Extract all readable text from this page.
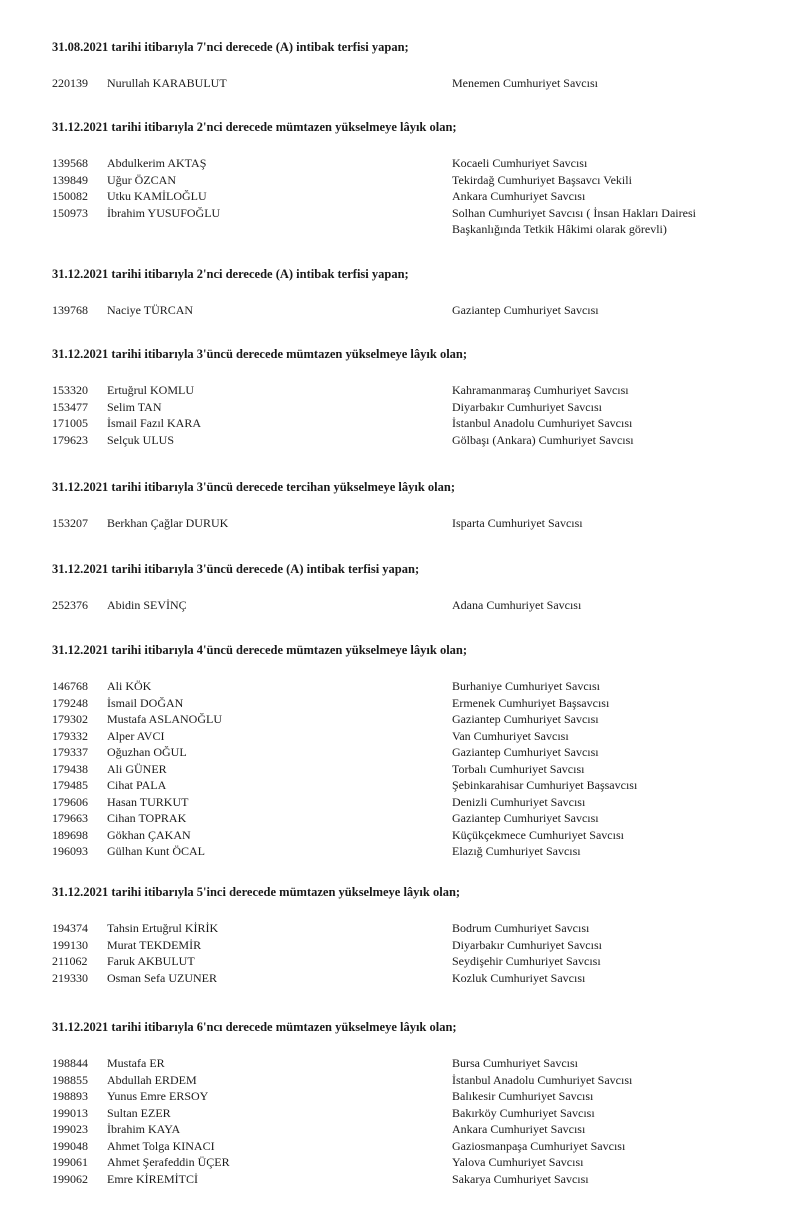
31.08.2021 tarihi itibarıyla 7'nci derecede (A) intibak terfisi yapan;
220139 Nurullah KARABULUT	Menemen Cumhuriyet Savcısı
31.12.2021 tarihi itibarıyla 2'nci derecede mümtazen yükselmeye lâyık olan;
139568 Abdulkerim AKTAŞ	Kocaeli Cumhuriyet Savcısı
139849 Uğur ÖZCAN	Tekirdağ Cumhuriyet Başsavcı Vekili
150082 Utku KAMİLOĞLU	Ankara Cumhuriyet Savcısı
150973 İbrahim YUSUFOĞLU	Solhan Cumhuriyet Savcısı ( İnsan Hakları Dairesi
Başkanlığında Tetkik Hâkimi olarak görevli)
31.12.2021 tarihi itibarıyla 2'nci derecede (A) intibak terfisi yapan;
139768 Naciye TÜRCAN	Gaziantep Cumhuriyet Savcısı
31.12.2021 tarihi itibarıyla 3'üncü derecede mümtazen yükselmeye lâyık olan;
153320 Ertuğrul KOMLU	Kahramanmaraş Cumhuriyet Savcısı
153477 Selim TAN	Diyarbakır Cumhuriyet Savcısı
171005 İsmail Fazıl KARA	İstanbul Anadolu Cumhuriyet Savcısı
179623 Selçuk ULUS	Gölbaşı (Ankara) Cumhuriyet Savcısı
31.12.2021 tarihi itibarıyla 3'üncü derecede tercihan yükselmeye lâyık olan;
153207 Berkhan Çağlar DURUK	Isparta Cumhuriyet Savcısı
31.12.2021 tarihi itibarıyla 3'üncü derecede (A) intibak terfisi yapan;
252376 Abidin SEVİNÇ	Adana Cumhuriyet Savcısı
31.12.2021 tarihi itibarıyla 4'üncü derecede mümtazen yükselmeye lâyık olan;
146768 Ali KÖK	Burhaniye Cumhuriyet Savcısı
179248 İsmail DOĞAN	Ermenek Cumhuriyet Başsavcısı
179302 Mustafa ASLANOĞLU	Gaziantep Cumhuriyet Savcısı
179332 Alper AVCI	Van Cumhuriyet Savcısı
179337 Oğuzhan OĞUL	Gaziantep Cumhuriyet Savcısı
179438 Ali GÜNER	Torbalı Cumhuriyet Savcısı
179485 Cihat PALA	Şebinkarahisar Cumhuriyet Başsavcısı
179606 Hasan TURKUT	Denizli Cumhuriyet Savcısı
179663 Cihan TOPRAK	Gaziantep Cumhuriyet Savcısı
189698 Gökhan ÇAKAN	Küçükçekmece Cumhuriyet Savcısı
196093 Gülhan Kunt ÖCAL	Elazığ Cumhuriyet Savcısı
31.12.2021 tarihi itibarıyla 5'inci derecede mümtazen yükselmeye lâyık olan;
194374 Tahsin Ertuğrul KİRİK	Bodrum Cumhuriyet Savcısı
199130 Murat TEKDEMİR	Diyarbakır Cumhuriyet Savcısı
211062 Faruk AKBULUT	Seydişehir Cumhuriyet Savcısı
219330 Osman Sefa UZUNER	Kozluk Cumhuriyet Savcısı
31.12.2021 tarihi itibarıyla 6'ncı derecede mümtazen yükselmeye lâyık olan;
198844 Mustafa ER	Bursa Cumhuriyet Savcısı
198855 Abdullah ERDEM	İstanbul Anadolu Cumhuriyet Savcısı
198893 Yunus Emre ERSOY	Balıkesir Cumhuriyet Savcısı
199013 Sultan EZER	Bakırköy Cumhuriyet Savcısı
199023 İbrahim KAYA	Ankara Cumhuriyet Savcısı
199048 Ahmet Tolga KINACI	Gaziosmanpaşa Cumhuriyet Savcısı
199061 Ahmet Şerafeddin ÜÇER	Yalova Cumhuriyet Savcısı
199062 Emre KİREMİTCİ	Sakarya Cumhuriyet Savcısı
